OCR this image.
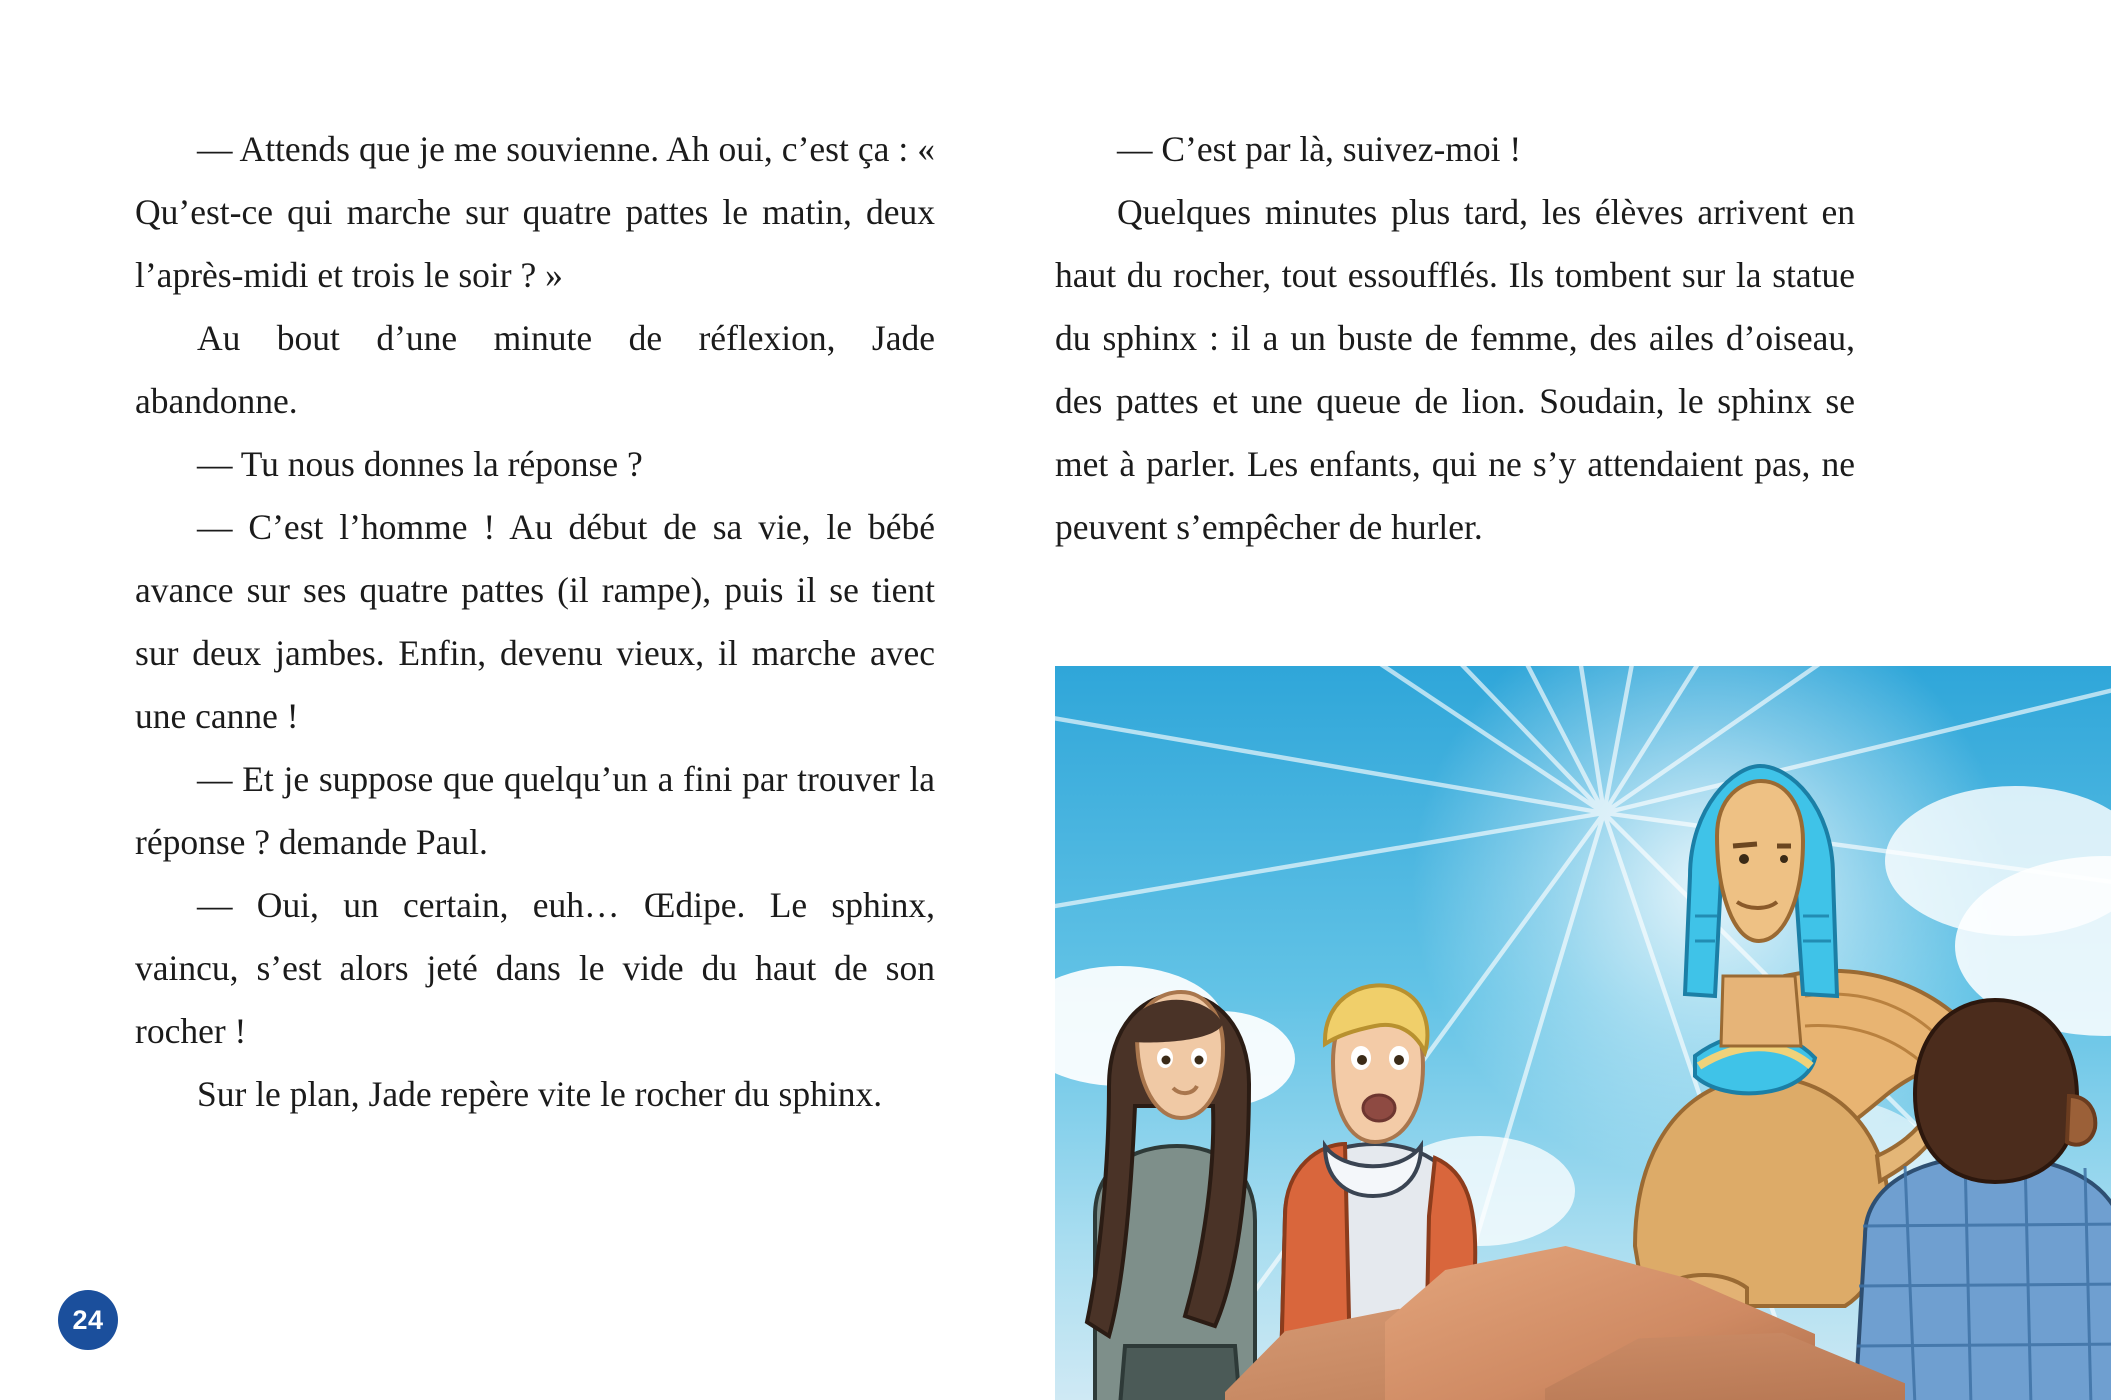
— Attends que je me souvienne. Ah oui, c’est ça : « Qu’est-ce qui marche sur quatre pattes le matin, deux l’après-midi et trois le soir ? »

Au bout d’une minute de réflexion, Jade abandonne.

— Tu nous donnes la réponse ?

— C’est l’homme ! Au début de sa vie, le bébé avance sur ses quatre pattes (il rampe), puis il se tient sur deux jambes. Enfin, devenu vieux, il marche avec une canne !

— Et je suppose que quelqu’un a fini par trouver la réponse ? demande Paul.

— Oui, un certain, euh… Œdipe. Le sphinx, vaincu, s’est alors jeté dans le vide du haut de son rocher !

Sur le plan, Jade repère vite le rocher du sphinx.

— C’est par là, suivez-moi !

Quelques minutes plus tard, les élèves arrivent en haut du rocher, tout essoufflés. Ils tombent sur la statue du sphinx : il a un buste de femme, des ailes d’oiseau, des pattes et une queue de lion. Soudain, le sphinx se met à parler. Les enfants, qui ne s’y attendaient pas, ne peuvent s’empêcher de hurler.

24
